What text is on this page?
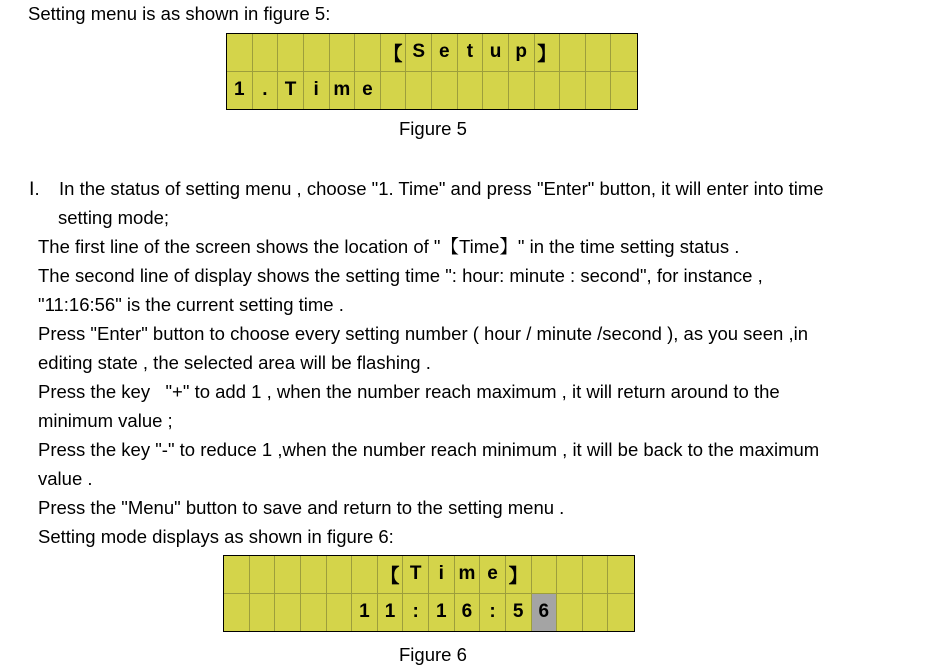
Setting menu is as shown in figure 5:
【 S e t u p 】
1 . T i m e
Figure 5
Ⅰ. In the status of setting menu , choose "1. Time" and press "Enter" button, it will enter into time
setting mode;
The first line of the screen shows the location of "【Time】" in the time setting status .
The second line of display shows the setting time ": hour: minute : second", for instance ,
"11:16:56" is the current setting time .
Press "Enter" button to choose every setting number ( hour / minute /second ), as you seen ,in
editing state , the selected area will be flashing .
Press the key   "+" to add 1 , when the number reach maximum , it will return around to the
minimum value ;
Press the key "-" to reduce 1 ,when the number reach minimum , it will be back to the maximum
value .
Press the "Menu" button to save and return to the setting menu .
Setting mode displays as shown in figure 6:
【 T i m e 】
1 1 : 1 6 : 5 6
Figure 6
